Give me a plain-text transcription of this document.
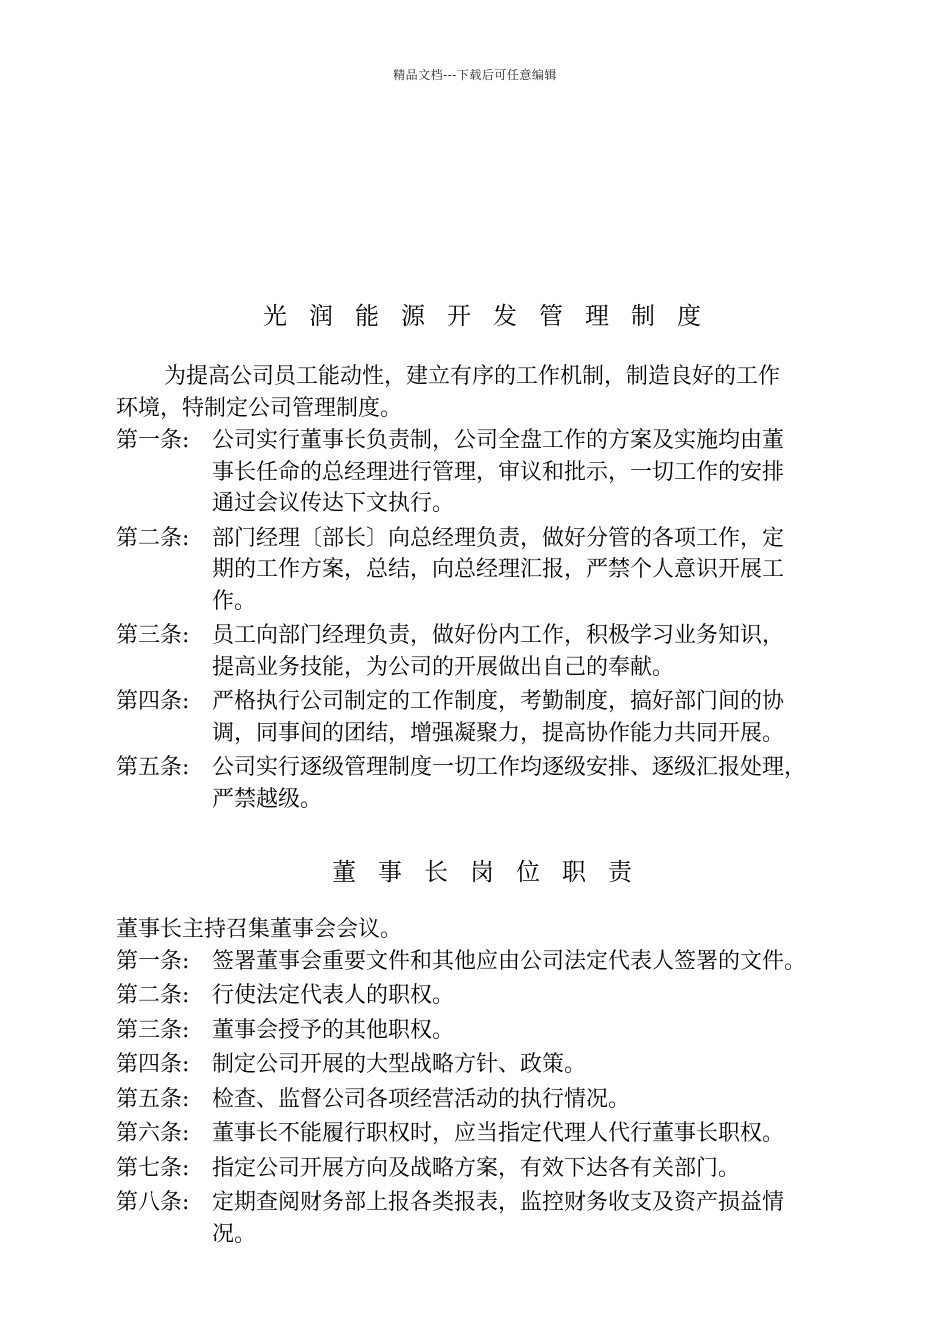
精品文档---下载后可任意编辑
光润能源开发管理制度
为提高公司员工能动性，建立有序的工作机制，制造良好的工作
环境，特制定公司管理制度。
第一条:	公司实行董事长负责制，公司全盘工作的方案及实施均由董
事长任命的总经理进行管理，审议和批示，一切工作的安排
通过会议传达下文执行。
第二条:	部门经理〔部长〕向总经理负责，做好分管的各项工作，定
期的工作方案，总结，向总经理汇报，严禁个人意识开展工
作。
第三条:	员工向部门经理负责，做好份内工作，积极学习业务知识，
提高业务技能，为公司的开展做出自己的奉献。
第四条:	严格执行公司制定的工作制度，考勤制度，搞好部门间的协
调，同事间的团结，增强凝聚力，提高协作能力共同开展。
第五条:	公司实行逐级管理制度一切工作均逐级安排、逐级汇报处理，
严禁越级。
董事长岗位职责
董事长主持召集董事会会议。
第一条:	签署董事会重要文件和其他应由公司法定代表人签署的文件。
第二条:	行使法定代表人的职权。
第三条:	董事会授予的其他职权。
第四条:	制定公司开展的大型战略方针、政策。
第五条:	检查、监督公司各项经营活动的执行情况。
第六条:	董事长不能履行职权时，应当指定代理人代行董事长职权。
第七条:	指定公司开展方向及战略方案，有效下达各有关部门。
第八条:	定期查阅财务部上报各类报表，监控财务收支及资产损益情
况。
